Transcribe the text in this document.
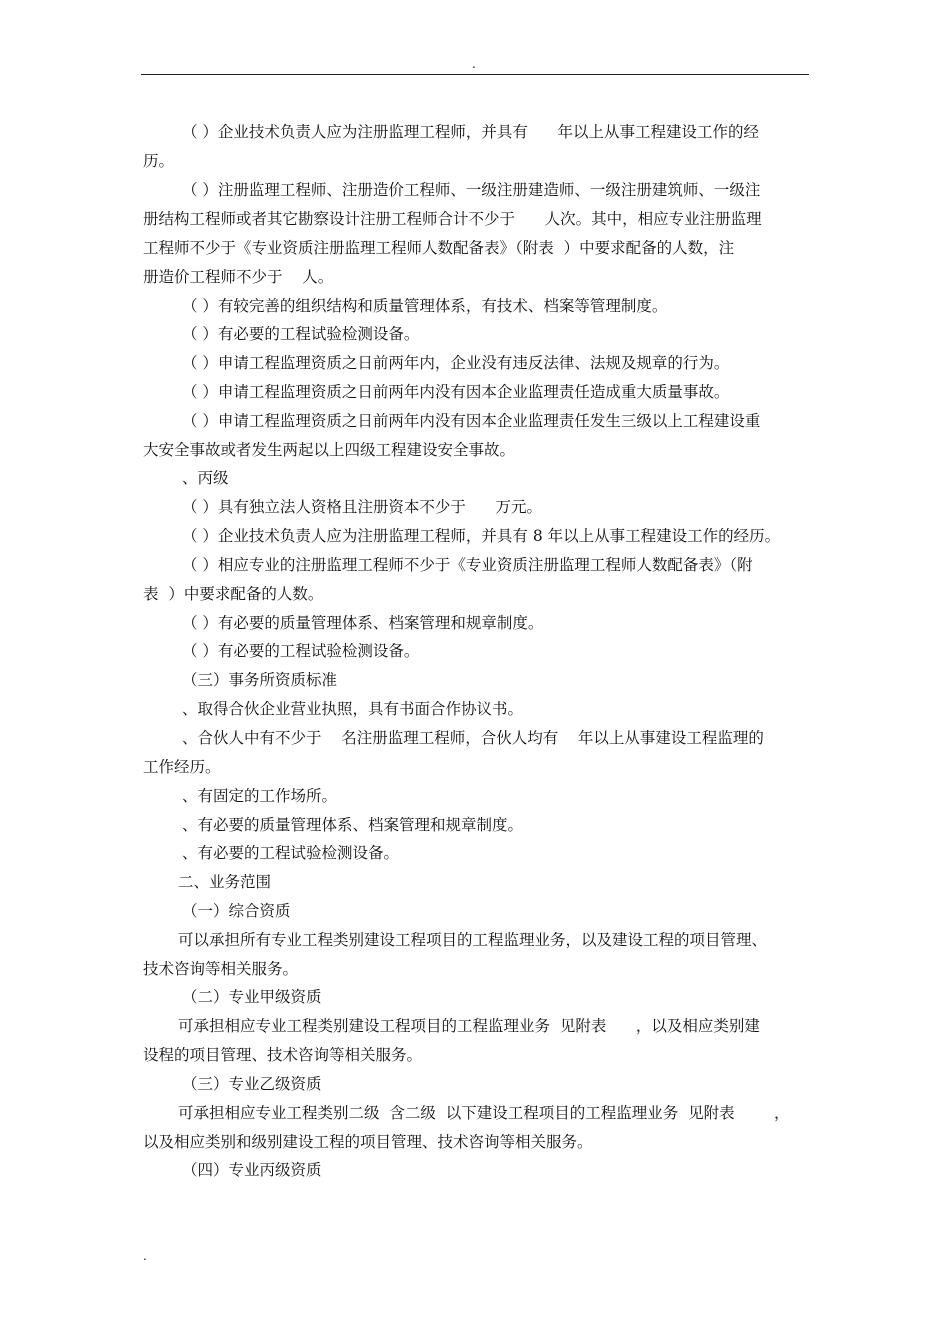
.
（ ）企业技术负责人应为注册监理工程师，并具有      年以上从事工程建设工作的经
历。
（ ）注册监理工程师、注册造价工程师、一级注册建造师、一级注册建筑师、一级注
册结构工程师或者其它勘察设计注册工程师合计不少于      人次。其中，相应专业注册监理
工程师不少于《专业资质注册监理工程师人数配备表》（附表  ）中要求配备的人数，注
册造价工程师不少于    人。
（ ）有较完善的组织结构和质量管理体系，有技术、档案等管理制度。
（ ）有必要的工程试验检测设备。
（ ）申请工程监理资质之日前两年内，企业没有违反法律、法规及规章的行为。
（ ）申请工程监理资质之日前两年内没有因本企业监理责任造成重大质量事故。
（ ）申请工程监理资质之日前两年内没有因本企业监理责任发生三级以上工程建设重
大安全事故或者发生两起以上四级工程建设安全事故。
、丙级
（ ）具有独立法人资格且注册资本不少于      万元。
（ ）企业技术负责人应为注册监理工程师，并具有 8 年以上从事工程建设工作的经历。
（ ）相应专业的注册监理工程师不少于《专业资质注册监理工程师人数配备表》（附
表  ）中要求配备的人数。
（ ）有必要的质量管理体系、档案管理和规章制度。
（ ）有必要的工程试验检测设备。
（三）事务所资质标准
、取得合伙企业营业执照，具有书面合作协议书。
、合伙人中有不少于    名注册监理工程师，合伙人均有    年以上从事建设工程监理的
工作经历。
、有固定的工作场所。
、有必要的质量管理体系、档案管理和规章制度。
、有必要的工程试验检测设备。
二、业务范围
（一）综合资质
可以承担所有专业工程类别建设工程项目的工程监理业务，以及建设工程的项目管理、
技术咨询等相关服务。
（二）专业甲级资质
可承担相应专业工程类别建设工程项目的工程监理业务  见附表      ，以及相应类别建
设程的项目管理、技术咨询等相关服务。
（三）专业乙级资质
可承担相应专业工程类别二级  含二级  以下建设工程项目的工程监理业务  见附表        ，
以及相应类别和级别建设工程的项目管理、技术咨询等相关服务。
（四）专业丙级资质
.
